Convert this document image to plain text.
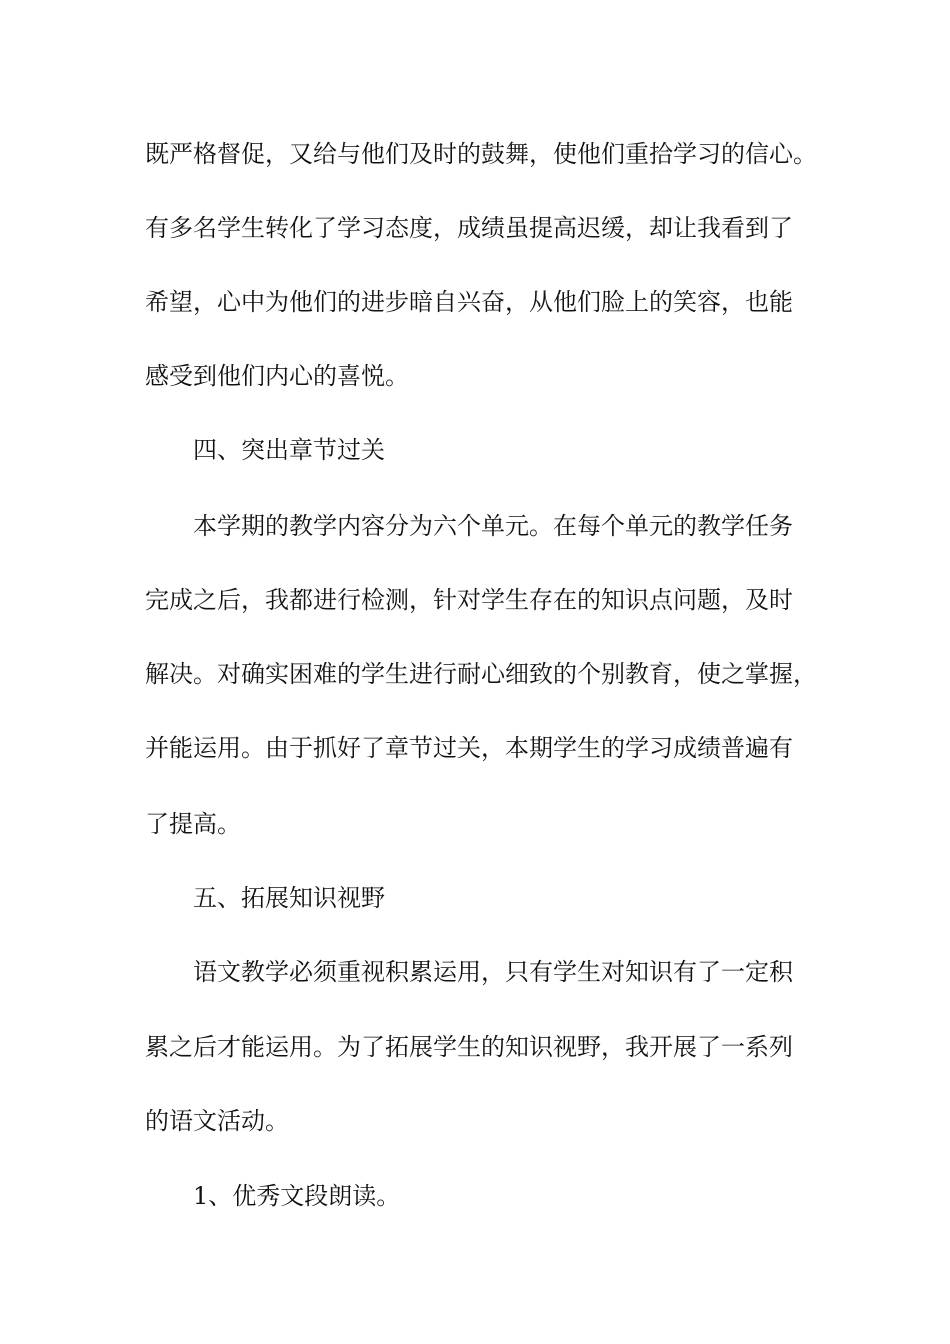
既严格督促，又给与他们及时的鼓舞，使他们重拾学习的信心。

有多名学生转化了学习态度，成绩虽提高迟缓，却让我看到了

希望，心中为他们的进步暗自兴奋，从他们脸上的笑容，也能

感受到他们内心的喜悦。

四、突出章节过关

本学期的教学内容分为六个单元。在每个单元的教学任务

完成之后，我都进行检测，针对学生存在的知识点问题，及时

解决。对确实困难的学生进行耐心细致的个别教育，使之掌握，

并能运用。由于抓好了章节过关，本期学生的学习成绩普遍有

了提高。

五、拓展知识视野

语文教学必须重视积累运用，只有学生对知识有了一定积

累之后才能运用。为了拓展学生的知识视野，我开展了一系列

的语文活动。

1、优秀文段朗读。
